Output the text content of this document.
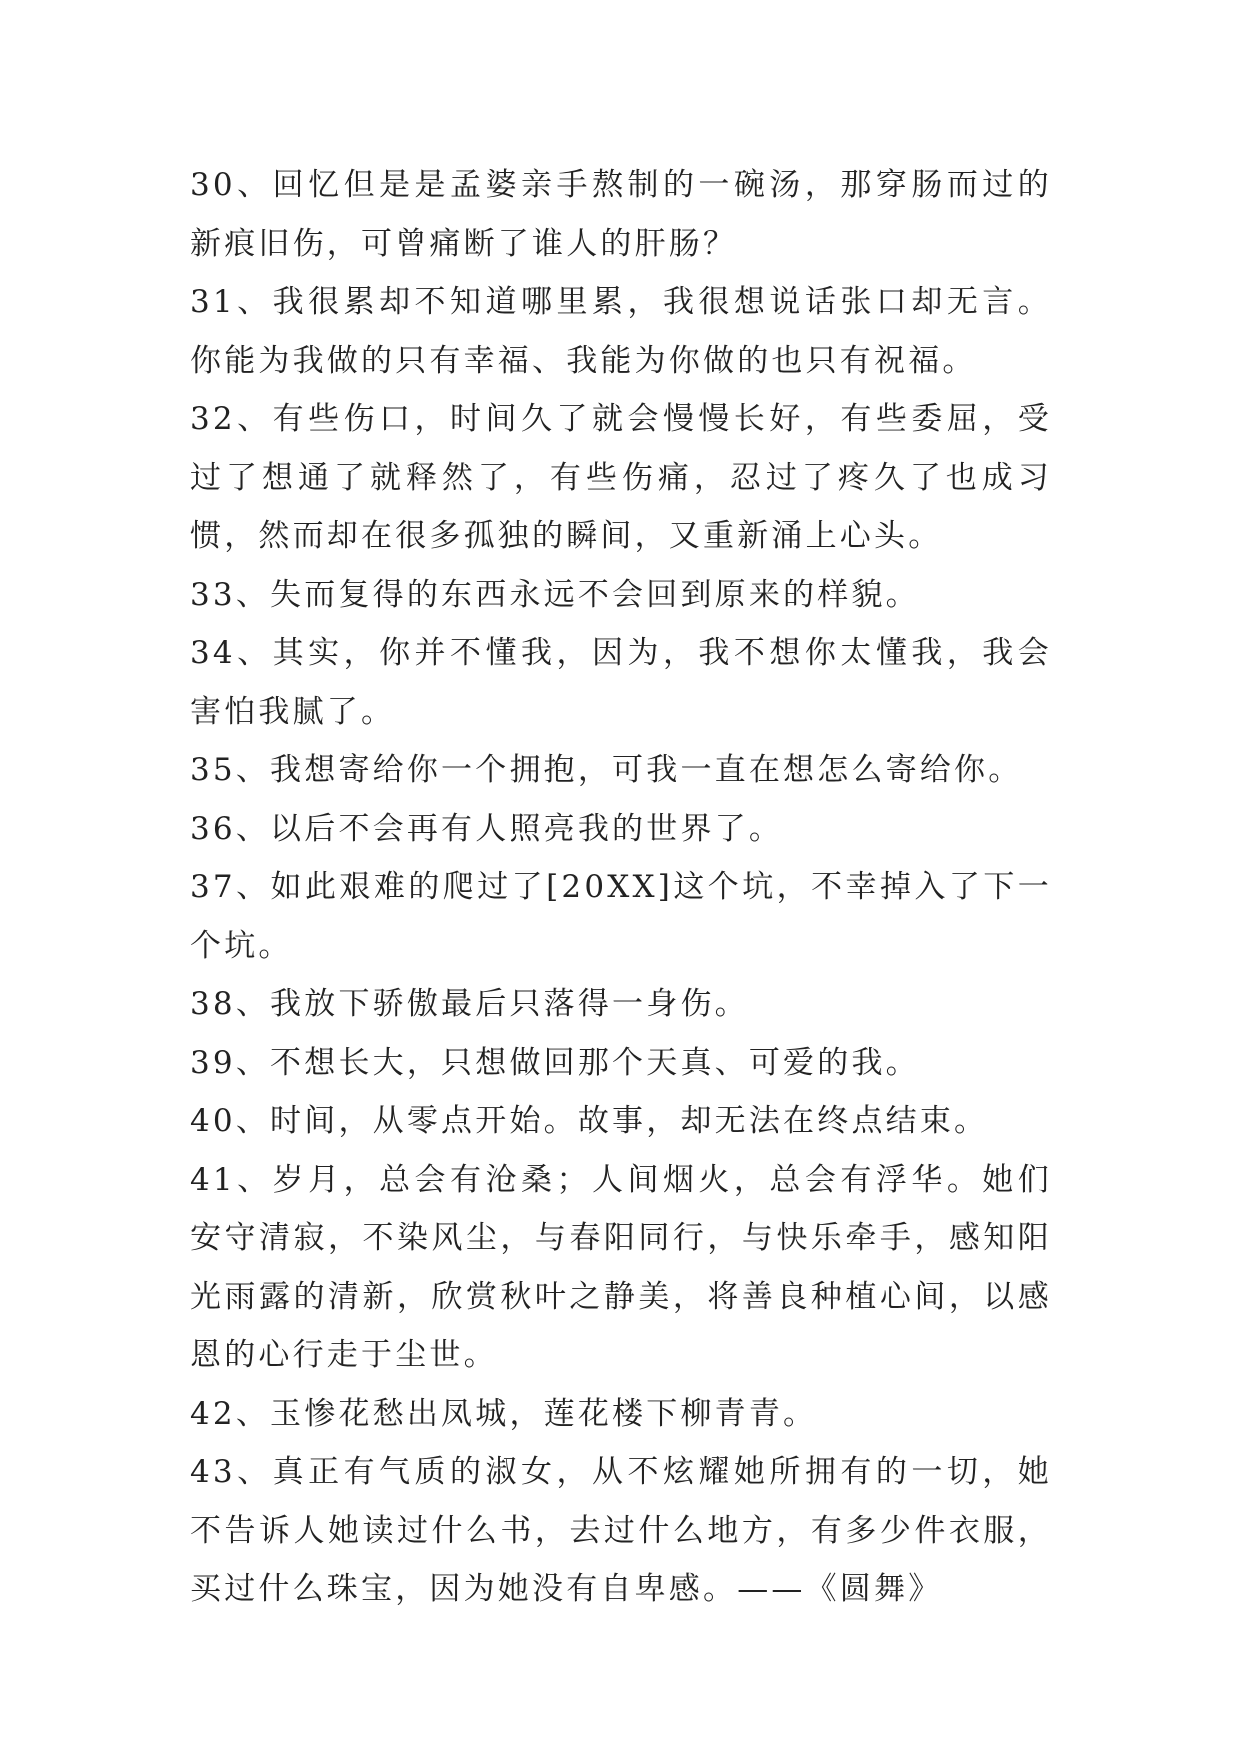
30、回忆但是是孟婆亲手熬制的一碗汤，那穿肠而过的新痕旧伤，可曾痛断了谁人的肝肠？

31、我很累却不知道哪里累，我很想说话张口却无言。你能为我做的只有幸福、我能为你做的也只有祝福。

32、有些伤口，时间久了就会慢慢长好，有些委屈，受过了想通了就释然了，有些伤痛，忍过了疼久了也成习惯，然而却在很多孤独的瞬间，又重新涌上心头。

33、失而复得的东西永远不会回到原来的样貌。

34、其实，你并不懂我，因为，我不想你太懂我，我会害怕我腻了。

35、我想寄给你一个拥抱，可我一直在想怎么寄给你。

36、以后不会再有人照亮我的世界了。

37、如此艰难的爬过了[20XX]这个坑，不幸掉入了下一个坑。

38、我放下骄傲最后只落得一身伤。

39、不想长大，只想做回那个天真、可爱的我。

40、时间，从零点开始。故事，却无法在终点结束。

41、岁月，总会有沧桑；人间烟火，总会有浮华。她们安守清寂，不染风尘，与春阳同行，与快乐牵手，感知阳光雨露的清新，欣赏秋叶之静美，将善良种植心间，以感恩的心行走于尘世。

42、玉惨花愁出凤城，莲花楼下柳青青。

43、真正有气质的淑女，从不炫耀她所拥有的一切，她不告诉人她读过什么书，去过什么地方，有多少件衣服，买过什么珠宝，因为她没有自卑感。——《圆舞》
